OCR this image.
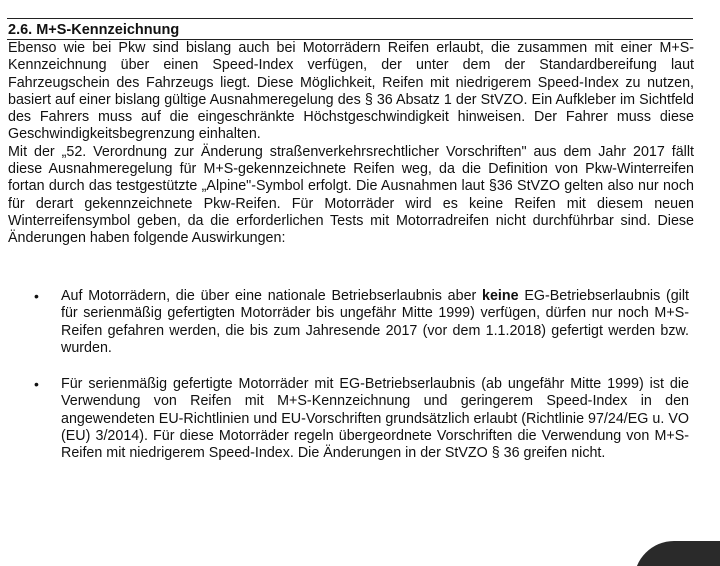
2.6. M+S-Kennzeichnung

Ebenso wie bei Pkw sind bislang auch bei Motorrädern Reifen erlaubt, die zusammen mit einer M+S-Kennzeichnung über einen Speed-Index verfügen, der unter dem der Standardbereifung laut Fahrzeugschein des Fahrzeugs liegt. Diese Möglichkeit, Reifen mit niedrigerem Speed-Index zu nutzen, basiert auf einer bislang gültige Ausnahmeregelung des § 36 Absatz 1 der StVZO. Ein Aufkleber im Sichtfeld des Fahrers muss auf die eingeschränkte Höchstgeschwindigkeit hinweisen. Der Fahrer muss diese Geschwindigkeitsbegrenzung einhalten.

Mit der „52. Verordnung zur Änderung straßenverkehrsrechtlicher Vorschriften" aus dem Jahr 2017 fällt diese Ausnahmeregelung für M+S-gekennzeichnete Reifen weg, da die Definition von Pkw-Winterreifen fortan durch das testgestützte „Alpine"-Symbol erfolgt. Die Ausnahmen laut §36 StVZO gelten also nur noch für derart gekennzeichnete Pkw-Reifen. Für Motorräder wird es keine Reifen mit diesem neuen Winterreifensymbol geben, da die erforderlichen Tests mit Motorradreifen nicht durchführbar sind. Diese Änderungen haben folgende Auswirkungen:

•	Auf Motorrädern, die über eine nationale Betriebserlaubnis aber keine EG-Betriebserlaubnis (gilt für serienmäßig gefertigten Motorräder bis ungefähr Mitte 1999) verfügen, dürfen nur noch M+S-Reifen gefahren werden, die bis zum Jahresende 2017 (vor dem 1.1.2018) gefertigt werden bzw. wurden.
•	Für serienmäßig gefertigte Motorräder mit EG-Betriebserlaubnis (ab ungefähr Mitte 1999) ist die Verwendung von Reifen mit M+S-Kennzeichnung und geringerem Speed-Index in den angewendeten EU-Richtlinien und EU-Vorschriften grundsätzlich erlaubt (Richtlinie 97/24/EG u. VO (EU) 3/2014). Für diese Motorräder regeln übergeordnete Vorschriften die Verwendung von M+S-Reifen mit niedrigerem Speed-Index. Die Änderungen in der StVZO § 36 greifen nicht.
